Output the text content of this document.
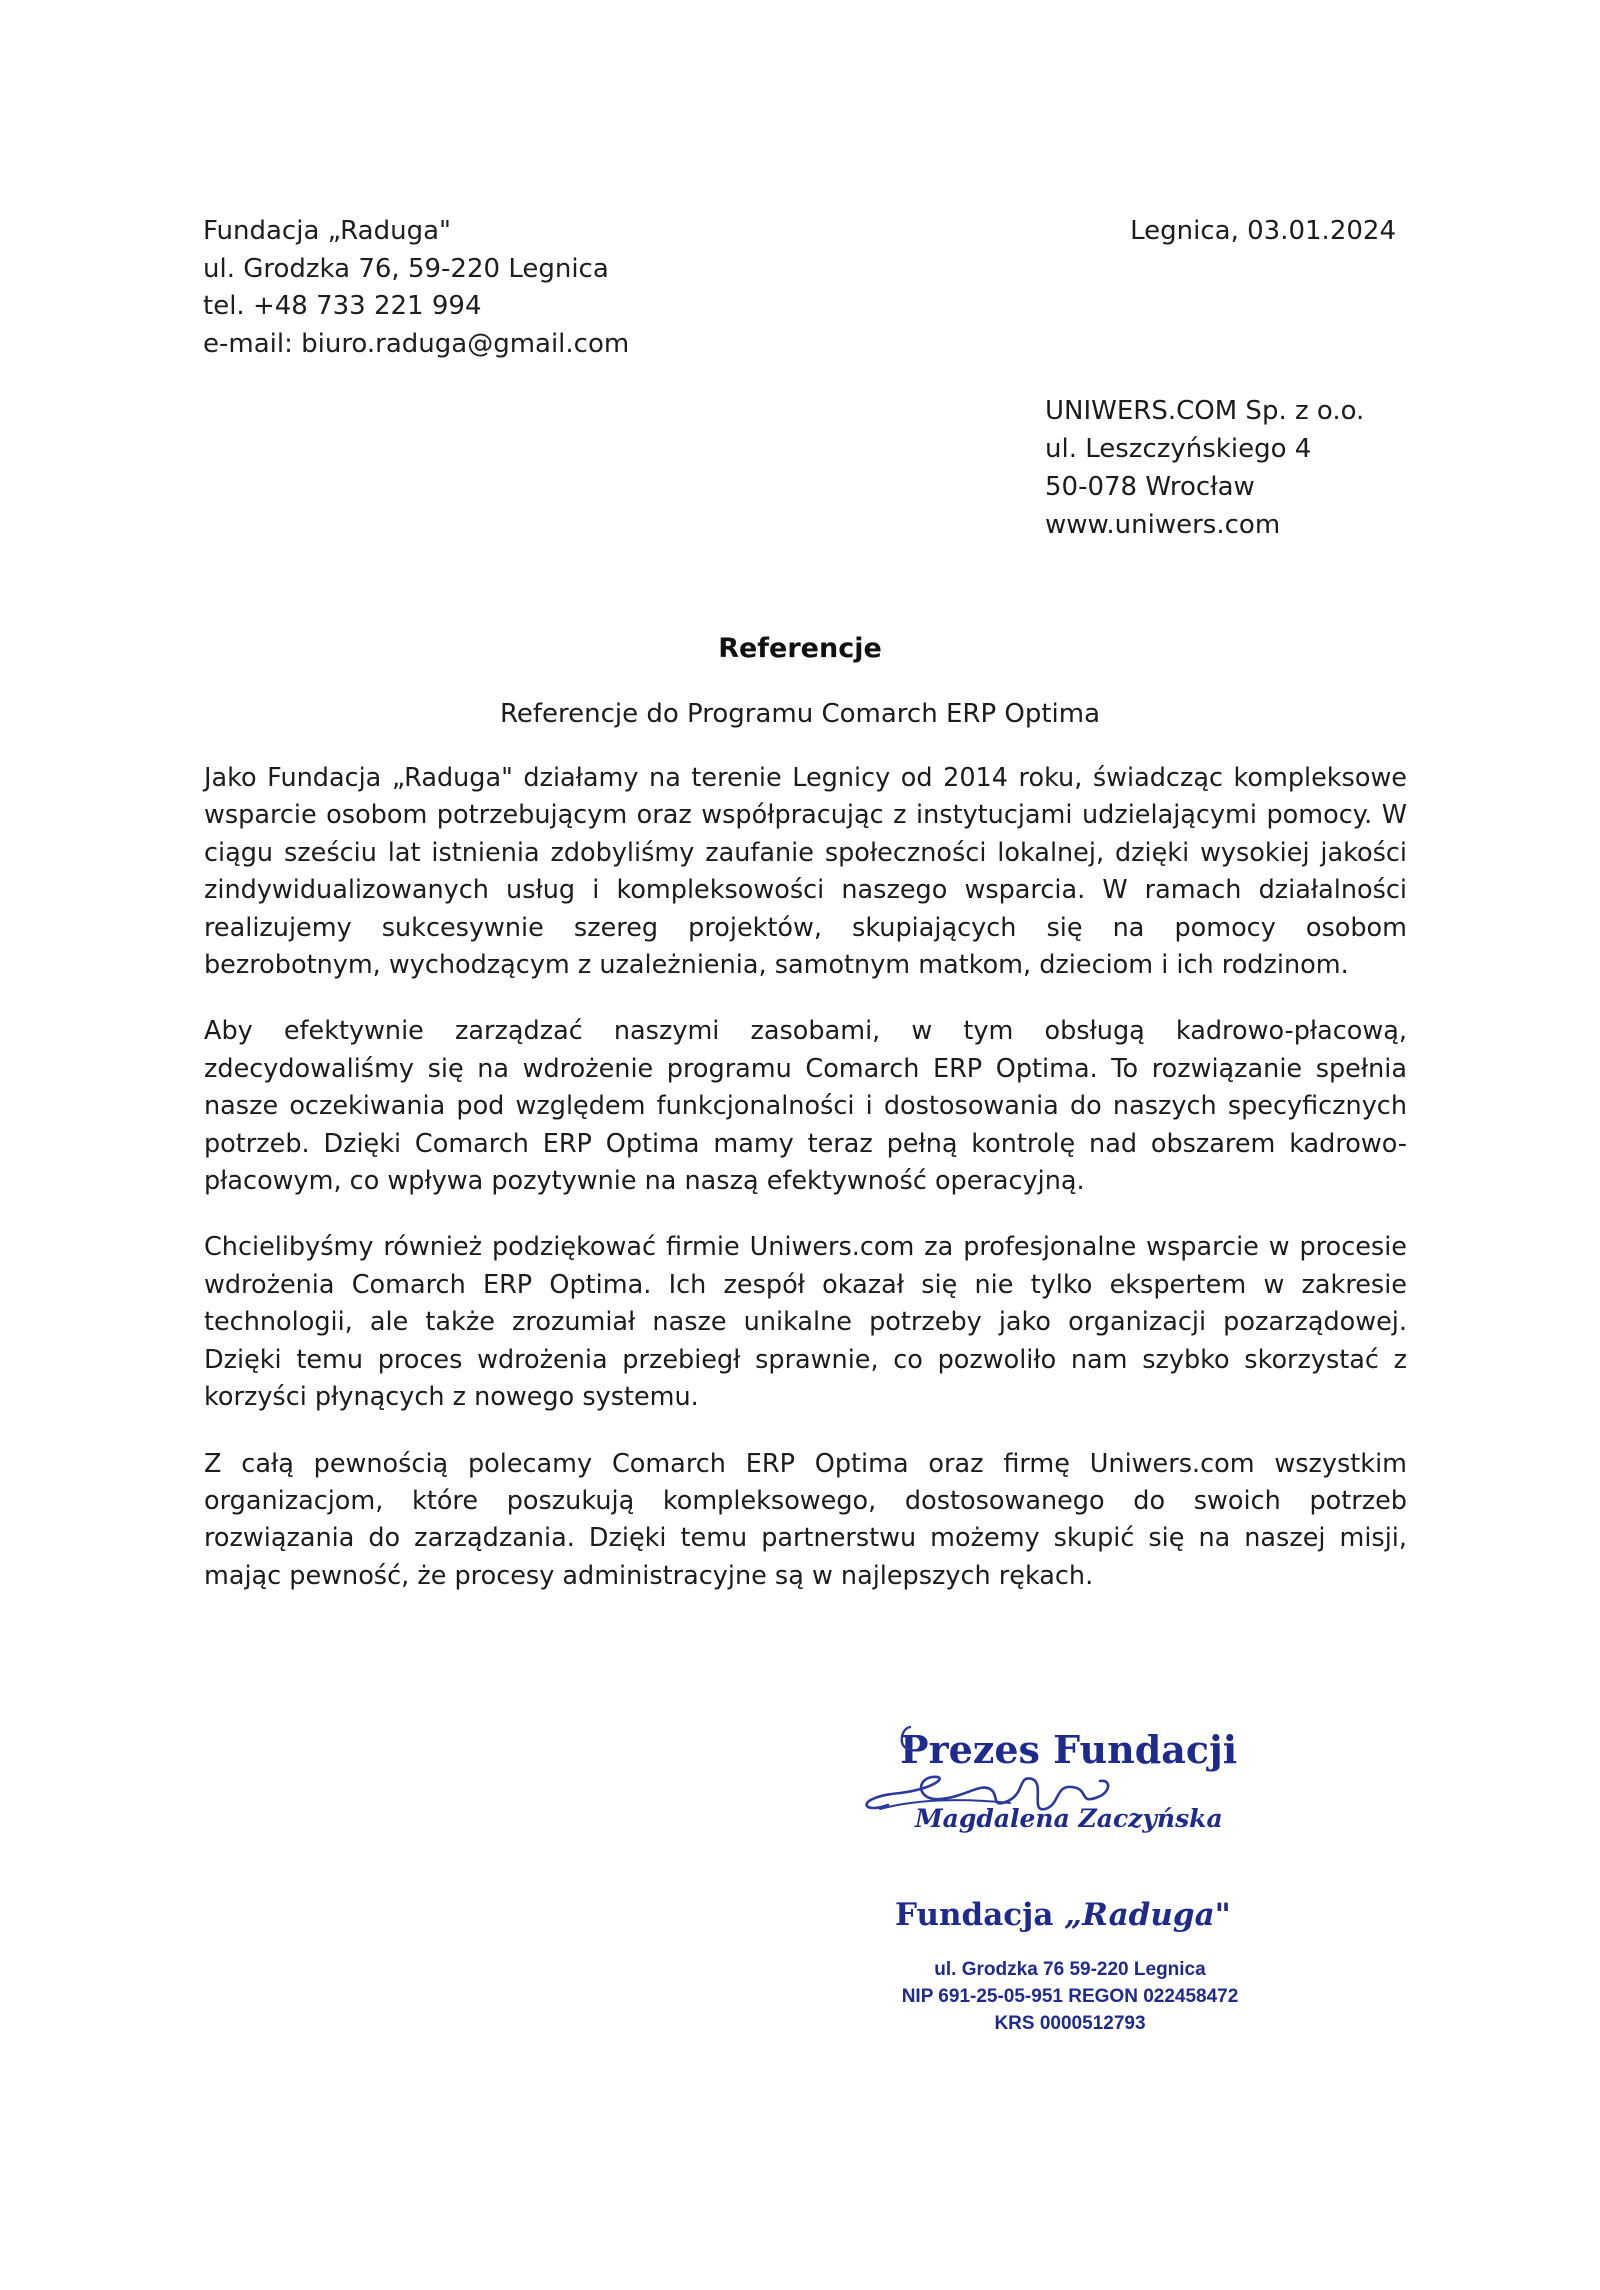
Fundacja „Raduga"
ul. Grodzka 76, 59-220 Legnica
tel. +48 733 221 994
e-mail: biuro.raduga@gmail.com
Legnica, 03.01.2024
UNIWERS.COM Sp. z o.o.
ul. Leszczyńskiego 4
50-078 Wrocław
www.uniwers.com
Referencje
Referencje do Programu Comarch ERP Optima

Jako Fundacja „Raduga" działamy na terenie Legnicy od 2014 roku, świadcząc kompleksowe wsparcie osobom potrzebującym oraz współpracując z instytucjami udzielającymi pomocy. W ciągu sześciu lat istnienia zdobyliśmy zaufanie społeczności lokalnej, dzięki wysokiej jakości zindywidualizowanych usług i kompleksowości naszego wsparcia. W ramach działalności realizujemy sukcesywnie szereg projektów, skupiających się na pomocy osobom bezrobotnym, wychodzącym z uzależnienia, samotnym matkom, dzieciom i ich rodzinom.

Aby efektywnie zarządzać naszymi zasobami, w tym obsługą kadrowo-płacową, zdecydowaliśmy się na wdrożenie programu Comarch ERP Optima. To rozwiązanie spełnia nasze oczekiwania pod względem funkcjonalności i dostosowania do naszych specyficznych potrzeb. Dzięki Comarch ERP Optima mamy teraz pełną kontrolę nad obszarem kadrowo-płacowym, co wpływa pozytywnie na naszą efektywność operacyjną.

Chcielibyśmy również podziękować firmie Uniwers.com za profesjonalne wsparcie w procesie wdrożenia Comarch ERP Optima. Ich zespół okazał się nie tylko ekspertem w zakresie technologii, ale także zrozumiał nasze unikalne potrzeby jako organizacji pozarządowej. Dzięki temu proces wdrożenia przebiegł sprawnie, co pozwoliło nam szybko skorzystać z korzyści płynących z nowego systemu.

Z całą pewnością polecamy Comarch ERP Optima oraz firmę Uniwers.com wszystkim organizacjom, które poszukują kompleksowego, dostosowanego do swoich potrzeb rozwiązania do zarządzania. Dzięki temu partnerstwu możemy skupić się na naszej misji, mając pewność, że procesy administracyjne są w najlepszych rękach.

Prezes Fundacji
Magdalena Zaczyńska
Fundacja „Raduga"
ul. Grodzka 76 59-220 Legnica
NIP 691-25-05-951 REGON 022458472
KRS 0000512793
